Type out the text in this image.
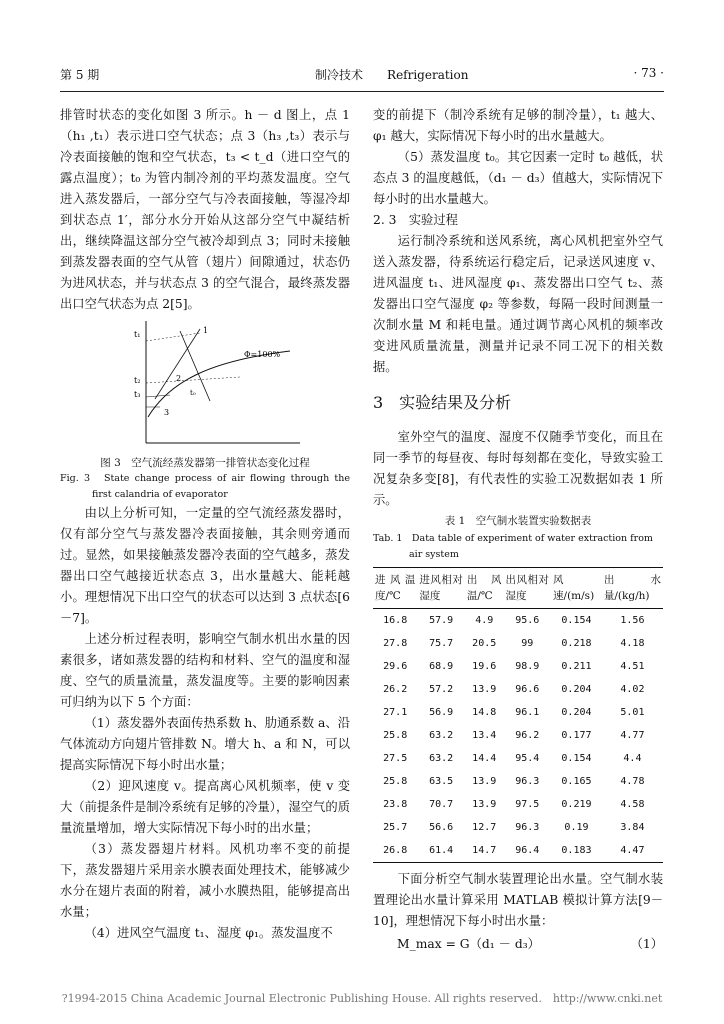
第 5 期	制冷技术　　 Refrigeration	· 73 ·

排管时状态的变化如图 3 所示。h － d 图上，点 1（h₁ ,t₁）表示进口空气状态；点 3（h₃ ,t₃）表示与冷表面接触的饱和空气状态，t₃ < t_d（进口空气的露点温度）；t₀ 为管内制冷剂的平均蒸发温度。空气进入蒸发器后，一部分空气与冷表面接触，等湿冷却到状态点 1′，部分水分开始从这部分空气中凝结析出，继续降温这部分空气被冷却到点 3；同时未接触到蒸发器表面的空气从管（翅片）间隙通过，状态仍为进风状态，并与状态点 3 的空气混合，最终蒸发器出口空气状态为点 2[5]。

t₁
t₂
t₃
1
2
3
t₀
Φ=100%
图 3　空气流经蒸发器第一排管状态变化过程
Fig. 3　State change process of air flowing through the first calandria of evaporator

由以上分析可知，一定量的空气流经蒸发器时，仅有部分空气与蒸发器冷表面接触，其余则旁通而过。显然，如果接触蒸发器冷表面的空气越多，蒸发器出口空气越接近状态点 3，出水量越大、能耗越小。理想情况下出口空气的状态可以达到 3 点状态[6－7]。

上述分析过程表明，影响空气制水机出水量的因素很多，诸如蒸发器的结构和材料、空气的温度和湿度、空气的质量流量，蒸发温度等。主要的影响因素可归纳为以下 5 个方面：

（1）蒸发器外表面传热系数 h、肋通系数 a、沿气体流动方向翅片管排数 N。增大 h、a 和 N，可以提高实际情况下每小时出水量；

（2）迎风速度 v。提高离心风机频率，使 v 变大（前提条件是制冷系统有足够的冷量），湿空气的质量流量增加，增大实际情况下每小时的出水量；

（3）蒸发器翅片材料。风机功率不变的前提下，蒸发器翅片采用亲水膜表面处理技术，能够减少水分在翅片表面的附着，减小水膜热阻，能够提高出水量；

（4）进风空气温度 t₁、湿度 φ₁。蒸发温度不

变的前提下（制冷系统有足够的制冷量），t₁ 越大、φ₁ 越大，实际情况下每小时的出水量越大。

（5）蒸发温度 t₀。其它因素一定时 t₀ 越低，状态点 3 的温度越低，（d₁ － d₃）值越大，实际情况下每小时的出水量越大。

2. 3　实验过程

运行制冷系统和送风系统，离心风机把室外空气送入蒸发器，待系统运行稳定后，记录送风速度 v、进风温度 t₁、进风湿度 φ₁、蒸发器出口空气 t₂、蒸发器出口空气湿度 φ₂ 等参数，每隔一段时间测量一次制水量 M 和耗电量。通过调节离心风机的频率改变进风质量流量，测量并记录不同工况下的相关数据。

3　实验结果及分析

室外空气的温度、湿度不仅随季节变化，而且在同一季节的每昼夜、每时每刻都在变化，导致实验工况复杂多变[8]，有代表性的实验工况数据如表 1 所示。

表 1　空气制水装置实验数据表
Tab. 1　Data table of experiment of water extraction from air system
进风温度/℃	进风相对湿度	出风温/℃	出风相对湿度	风速/(m/s)	出水量/(kg/h)
16.8	57.9	4.9	95.6	0.154	1.56
27.8	75.7	20.5	99	0.218	4.18
29.6	68.9	19.6	98.9	0.211	4.51
26.2	57.2	13.9	96.6	0.204	4.02
27.1	56.9	14.8	96.1	0.204	5.01
25.8	63.2	13.4	96.2	0.177	4.77
27.5	63.2	14.4	95.4	0.154	4.4
25.8	63.5	13.9	96.3	0.165	4.78
23.8	70.7	13.9	97.5	0.219	4.58
25.7	56.6	12.7	96.3	0.19	3.84
26.8	61.4	14.7	96.4	0.183	4.47

下面分析空气制水装置理论出水量。空气制水装置理论出水量计算采用 MATLAB 模拟计算方法[9－10]，理想情况下每小时出水量：

M_max = G（d₁ － d₃）	（1）
?1994-2015 China Academic Journal Electronic Publishing House. All rights reserved.　http://www.cnki.net
